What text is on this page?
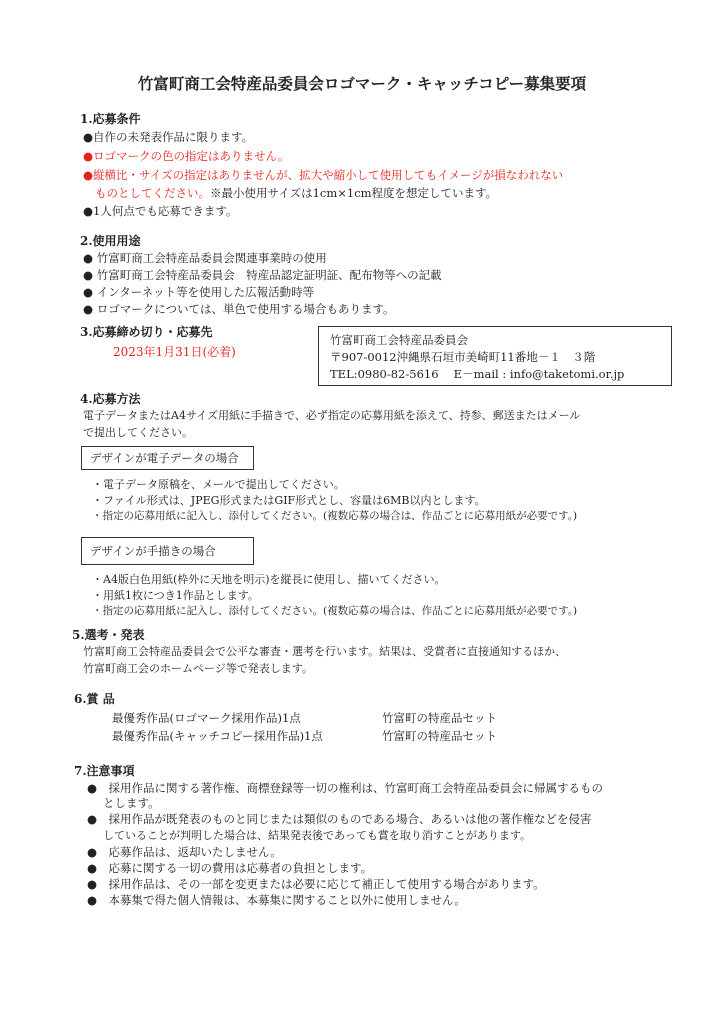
竹富町商工会特産品委員会ロゴマーク・キャッチコピー募集要項
1.応募条件
●自作の未発表作品に限ります。
●ロゴマークの色の指定はありません。
●縦横比・サイズの指定はありませんが、拡大や縮小して使用してもイメージが損なわれない
ものとしてください。※最小使用サイズは1cm×1cm程度を想定しています。
●1人何点でも応募できます。
2.使用用途
● 竹富町商工会特産品委員会関連事業時の使用
● 竹富町商工会特産品委員会　特産品認定証明証、配布物等への記載
● インターネット等を使用した広報活動時等
● ロゴマークについては、単色で使用する場合もあります。
3.応募締め切り・応募先
2023年1月31日(必着)
竹富町商工会特産品委員会
〒907-0012沖縄県石垣市美崎町11番地－１　３階
TEL:0980-82-5616　 E－mail : info@taketomi.or.jp
4.応募方法
電子データまたはA4サイズ用紙に手描きで、必ず指定の応募用紙を添えて、持参、郵送またはメール
で提出してください。
デザインが電子データの場合
・電子データ原稿を、メールで提出してください。
・ファイル形式は、JPEG形式またはGIF形式とし、容量は6MB以内とします。
・指定の応募用紙に記入し、添付してください。(複数応募の場合は、作品ごとに応募用紙が必要です。)
デザインが手描きの場合
・A4版白色用紙(枠外に天地を明示)を縦長に使用し、描いてください。
・用紙1枚につき1作品とします。
・指定の応募用紙に記入し、添付してください。(複数応募の場合は、作品ごとに応募用紙が必要です。)
5.選考・発表
竹富町商工会特産品委員会で公平な審査・選考を行います。結果は、受賞者に直接通知するほか、
竹富町商工会のホームページ等で発表します。
6.賞 品
最優秀作品(ロゴマーク採用作品)1点	竹富町の特産品セット
最優秀作品(キャッチコピー採用作品)1点	竹富町の特産品セット
7.注意事項
●　採用作品に関する著作権、商標登録等一切の権利は、竹富町商工会特産品委員会に帰属するもの
とします。
●　採用作品が既発表のものと同じまたは類似のものである場合、あるいは他の著作権などを侵害
していることが判明した場合は、結果発表後であっても賞を取り消すことがあります。
●　応募作品は、返却いたしません。
●　応募に関する一切の費用は応募者の負担とします。
●　採用作品は、その一部を変更または必要に応じて補正して使用する場合があります。
●　本募集で得た個人情報は、本募集に関すること以外に使用しません。
